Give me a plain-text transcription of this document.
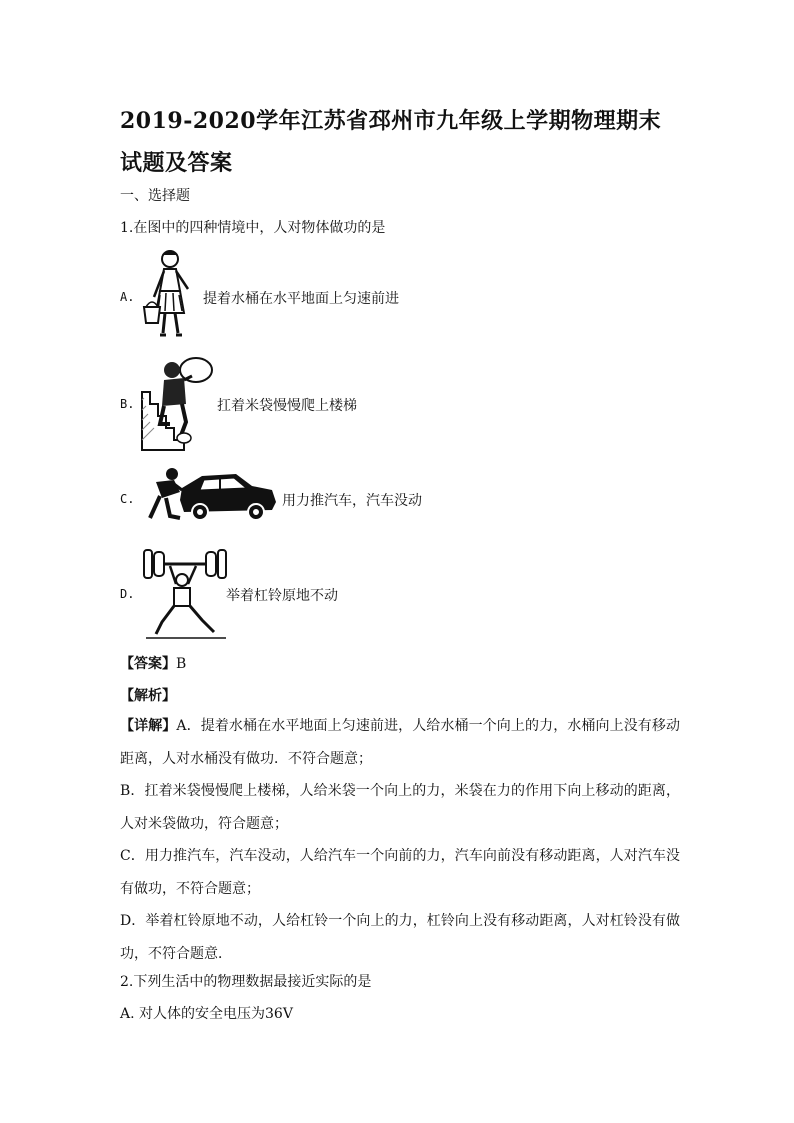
2019-2020学年江苏省邳州市九年级上学期物理期末试题及答案
一、选择题
1.在图中的四种情境中，人对物体做功的是
A.	提着水桶在水平地面上匀速前进
B.	扛着米袋慢慢爬上楼梯
C.	用力推汽车，汽车没动
D.	举着杠铃原地不动
【答案】B
【解析】
【详解】A．提着水桶在水平地面上匀速前进，人给水桶一个向上的力，水桶向上没有移动距离，人对水桶没有做功．不符合题意；
B．扛着米袋慢慢爬上楼梯，人给米袋一个向上的力，米袋在力的作用下向上移动的距离，人对米袋做功，符合题意；
C．用力推汽车，汽车没动，人给汽车一个向前的力，汽车向前没有移动距离，人对汽车没有做功，不符合题意；
D．举着杠铃原地不动，人给杠铃一个向上的力，杠铃向上没有移动距离，人对杠铃没有做功，不符合题意．
2.下列生活中的物理数据最接近实际的是
A. 对人体的安全电压为36V
